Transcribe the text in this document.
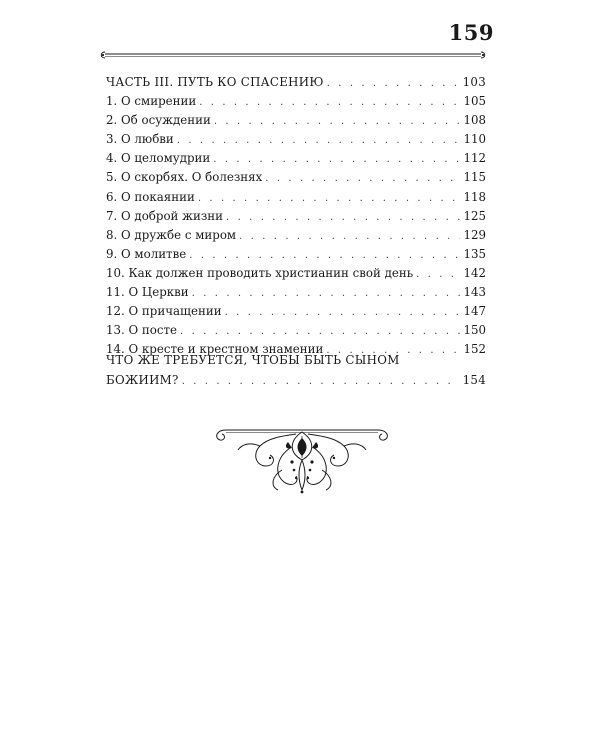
159
ЧАСТЬ III. ПУТЬ КО СПАСЕНИЮ . . .	103
1. О смирении . . .	105
2. Об осуждении . . .	108
3. О любви . . .	110
4. О целомудрии . . .	112
5. О скорбях. О болезнях . . .	115
6. О покаянии . . .	118
7. О доброй жизни . . .	125
8. О дружбе с миром . . .	129
9. О молитве . . .	135
10. Как должен проводить христианин свой день . . .	142
11. О Церкви . . .	143
12. О причащении . . .	147
13. О посте . . .	150
14. О кресте и крестном знамении . . .	152
ЧТО ЖЕ ТРЕБУЕТСЯ, ЧТОБЫ БЫТЬ СЫНОМ
БОЖИИМ? . . .	154
